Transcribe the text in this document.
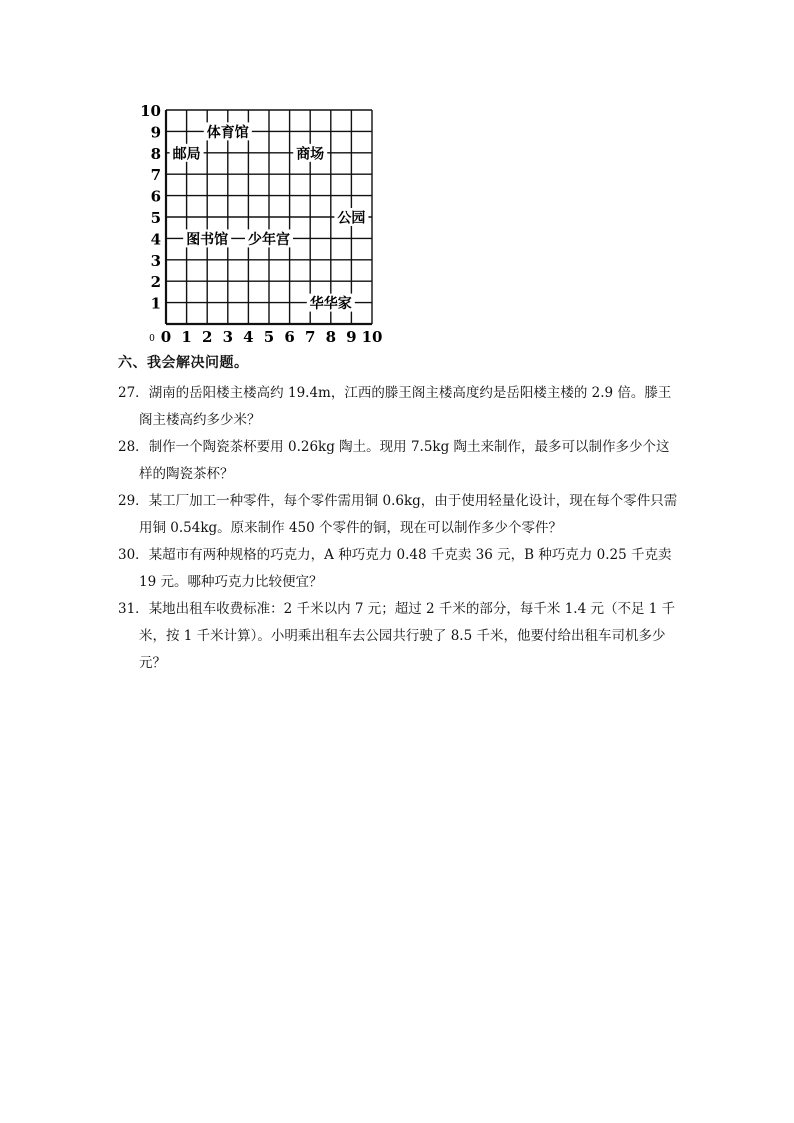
1
2
3
4
5
6
7
8
9
10
0 1 2 3 4 5 6 7 8 9 10
0
体育馆
邮局	商场
公园
少年宫
图书馆
华华家
六、我会解决问题。

27．湖南的岳阳楼主楼高约 19.4m，江西的滕王阁主楼高度约是岳阳楼主楼的 2.9 倍。滕王阁主楼高约多少米？

28．制作一个陶瓷茶杯要用 0.26kg 陶土。现用 7.5kg 陶土来制作，最多可以制作多少个这样的陶瓷茶杯？

29．某工厂加工一种零件，每个零件需用铜 0.6kg，由于使用轻量化设计，现在每个零件只需用铜 0.54kg。原来制作 450 个零件的铜，现在可以制作多少个零件？

30．某超市有两种规格的巧克力，A 种巧克力 0.48 千克卖 36 元，B 种巧克力 0.25 千克卖 19 元。哪种巧克力比较便宜？

31．某地出租车收费标准：2 千米以内 7 元；超过 2 千米的部分，每千米 1.4 元（不足 1 千米，按 1 千米计算）。小明乘出租车去公园共行驶了 8.5 千米，他要付给出租车司机多少元？
